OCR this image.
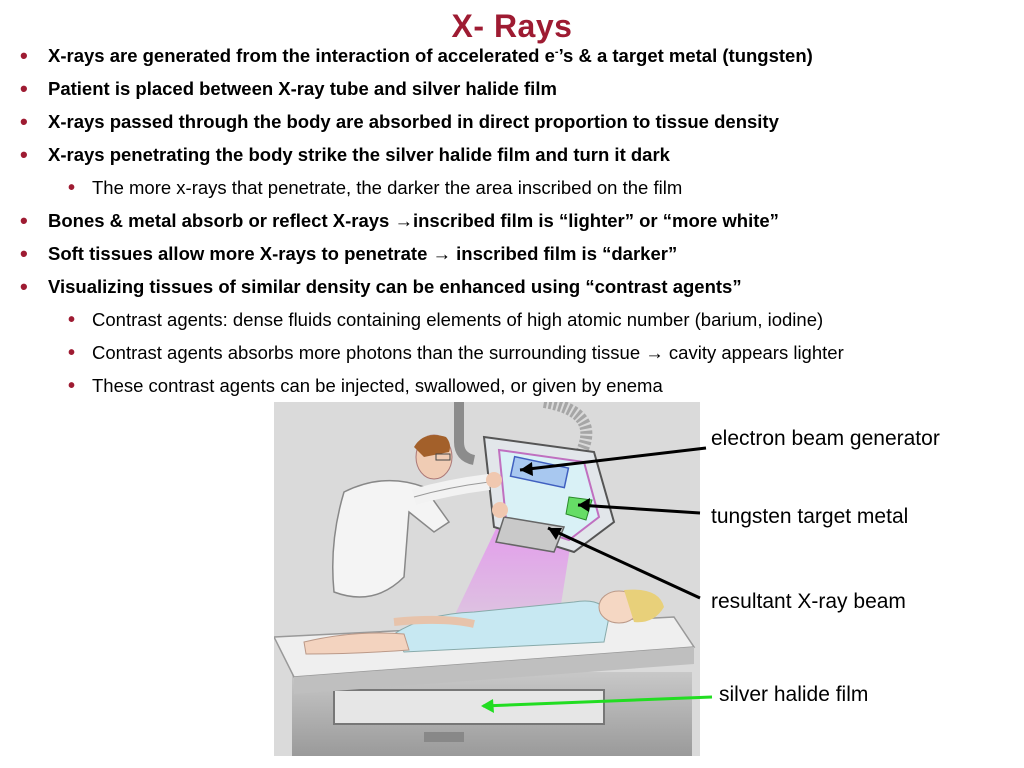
X- Rays
• X-rays are generated from the interaction of accelerated e-’s & a target metal (tungsten)
• Patient is placed between X-ray tube and silver halide film
• X-rays passed through the body are absorbed in direct proportion to tissue density
• X-rays penetrating the body strike the silver halide film and turn it dark
• The more x-rays that penetrate, the darker the area inscribed on the film
• Bones & metal absorb or reflect X-rays →inscribed film is “lighter” or “more white”
• Soft tissues allow more X-rays to penetrate → inscribed film is “darker”
• Visualizing tissues of similar density can be enhanced using “contrast agents”
• Contrast agents: dense fluids containing elements of high atomic number (barium, iodine)
• Contrast agents absorbs more photons than the surrounding tissue → cavity appears lighter
• These contrast agents can be injected, swallowed, or given by enema
electron beam generator
tungsten target metal
resultant X-ray beam
silver halide film
